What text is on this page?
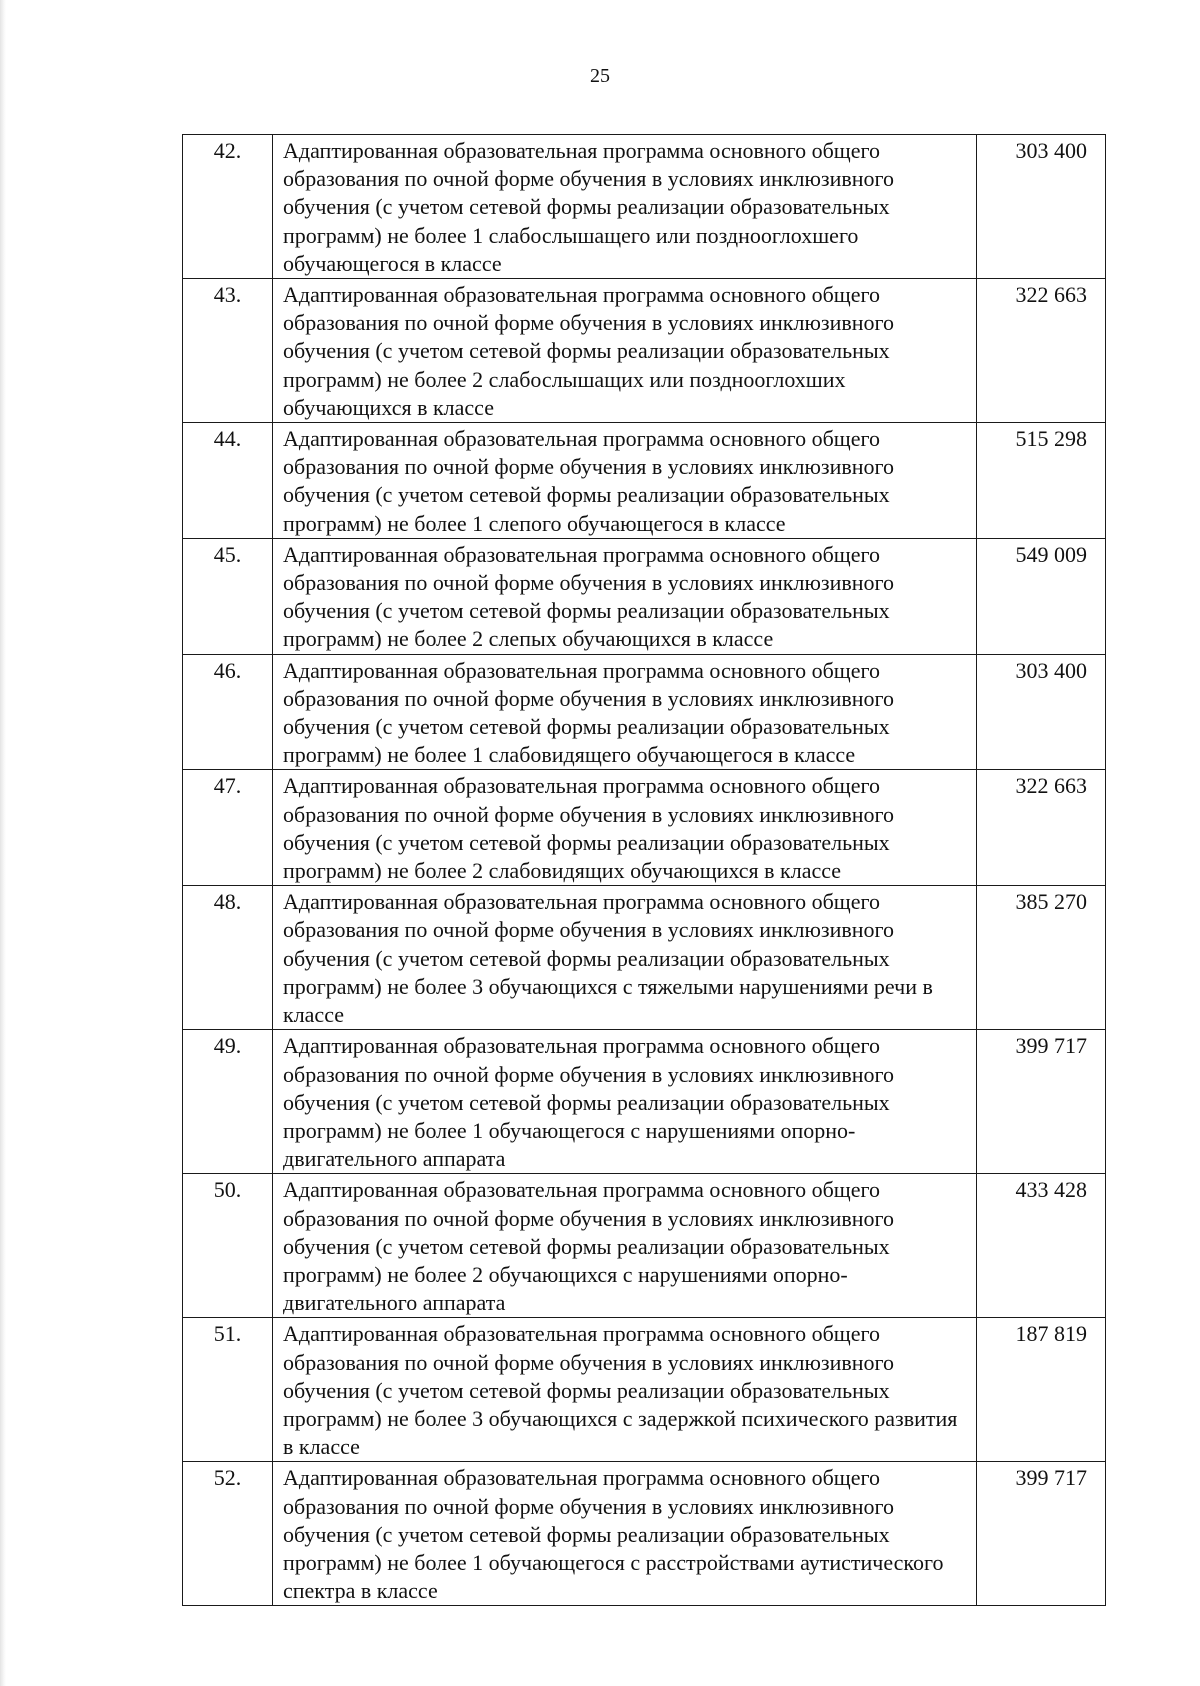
25
42.	Адаптированная образовательная программа основного общего образования по очной форме обучения в условиях инклюзивного обучения (с учетом сетевой формы реализации образовательных программ) не более 1 слабослышащего или позднооглохшего обучающегося в классе	303 400
43.	Адаптированная образовательная программа основного общего образования по очной форме обучения в условиях инклюзивного обучения (с учетом сетевой формы реализации образовательных программ) не более 2 слабослышащих или позднооглохших обучающихся в классе	322 663
44.	Адаптированная образовательная программа основного общего образования по очной форме обучения в условиях инклюзивного обучения (с учетом сетевой формы реализации образовательных программ) не более 1 слепого обучающегося в классе	515 298
45.	Адаптированная образовательная программа основного общего образования по очной форме обучения в условиях инклюзивного обучения (с учетом сетевой формы реализации образовательных программ) не более 2 слепых обучающихся в классе	549 009
46.	Адаптированная образовательная программа основного общего образования по очной форме обучения в условиях инклюзивного обучения (с учетом сетевой формы реализации образовательных программ) не более 1 слабовидящего обучающегося в классе	303 400
47.	Адаптированная образовательная программа основного общего образования по очной форме обучения в условиях инклюзивного обучения (с учетом сетевой формы реализации образовательных программ) не более 2 слабовидящих обучающихся в классе	322 663
48.	Адаптированная образовательная программа основного общего образования по очной форме обучения в условиях инклюзивного обучения (с учетом сетевой формы реализации образовательных программ) не более 3 обучающихся с тяжелыми нарушениями речи в классе	385 270
49.	Адаптированная образовательная программа основного общего образования по очной форме обучения в условиях инклюзивного обучения (с учетом сетевой формы реализации образовательных программ) не более 1 обучающегося с нарушениями опорно-двигательного аппарата	399 717
50.	Адаптированная образовательная программа основного общего образования по очной форме обучения в условиях инклюзивного обучения (с учетом сетевой формы реализации образовательных программ) не более 2 обучающихся с нарушениями опорно-двигательного аппарата	433 428
51.	Адаптированная образовательная программа основного общего образования по очной форме обучения в условиях инклюзивного обучения (с учетом сетевой формы реализации образовательных программ) не более 3 обучающихся с задержкой психического развития в классе	187 819
52.	Адаптированная образовательная программа основного общего образования по очной форме обучения в условиях инклюзивного обучения (с учетом сетевой формы реализации образовательных программ) не более 1 обучающегося с расстройствами аутистического спектра в классе	399 717
